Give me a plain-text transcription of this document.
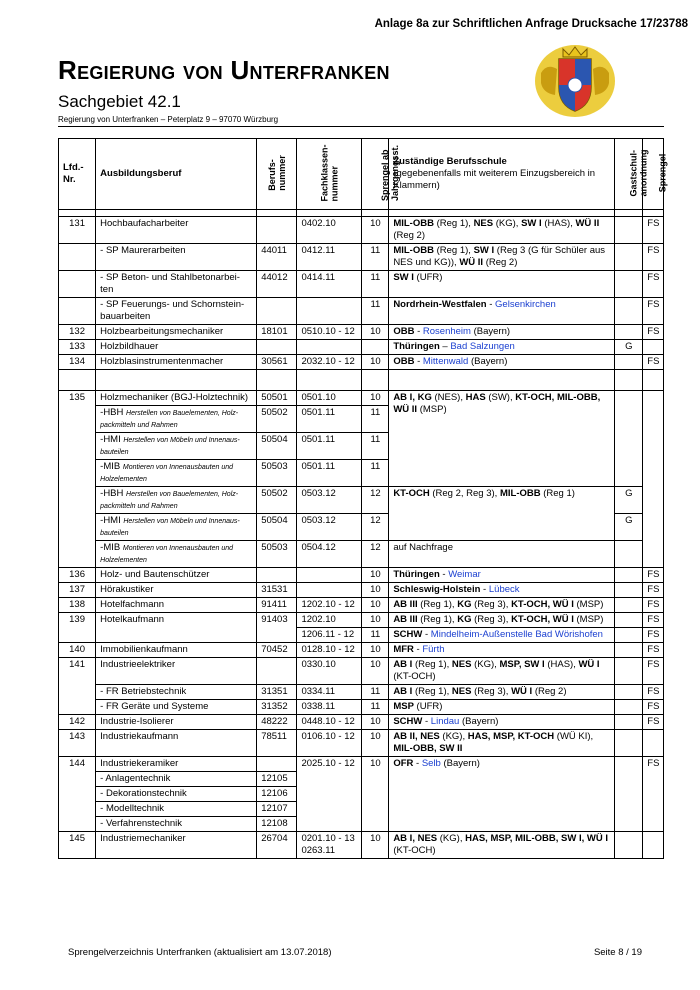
Anlage 8a zur Schriftlichen Anfrage Drucksache 17/23788
Regierung von Unterfranken
Sachgebiet 42.1
Regierung von Unterfranken – Peterplatz 9 – 97070 Würzburg
Lfd.-Nr.	Ausbildungsberuf	Berufs-
nummer	Fachklassen-
nummer	Sprengel ab
Jahrgangsst.	Zuständige Berufsschule
(gegebenenfalls mit weiterem Einzugsbereich in Klammern)	Gastschul-
anordnung	Sprengel

131	Hochbaufacharbeiter		0402.10	10	MIL-OBB (Reg 1), NES (KG), SW I (HAS), WÜ II (Reg 2)		FS
	- SP Maurerarbeiten	44011	0412.11	11	MIL-OBB (Reg 1), SW I (Reg 3 (G für Schüler aus NES und KG)), WÜ II (Reg 2)		FS
	- SP Beton- und Stahlbetonarbei-ten	44012	0414.11	11	SW I (UFR)		FS
	- SP Feuerungs- und Schornstein-bauarbeiten			11	Nordrhein-Westfalen - Gelsenkirchen		FS
132	Holzbearbeitungsmechaniker	18101	0510.10 - 12	10	OBB - Rosenheim (Bayern)		FS
133	Holzbildhauer				Thüringen – Bad Salzungen	G	
134	Holzblasinstrumentenmacher	30561	2032.10 - 12	10	OBB - Mittenwald (Bayern)		FS

135	Holzmechaniker (BGJ-Holztechnik)	50501	0501.10	10	AB I, KG (NES), HAS (SW), KT-OCH, MIL-OBB, WÜ II (MSP)		
	-HBH Herstellen von Bauelementen, Holz-packmitteln und Rahmen	50502	0501.11	11			
	-HMI Herstellen von Möbeln und Innenaus-bauteilen	50504	0501.11	11			
	-MIB Montieren von Innenausbauten und Holzelementen	50503	0501.11	11			
	-HBH Herstellen von Bauelementen, Holz-packmitteln und Rahmen	50502	0503.12	12	KT-OCH (Reg 2, Reg 3), MIL-OBB (Reg 1)	G	
	-HMI Herstellen von Möbeln und Innenaus-bauteilen	50504	0503.12	12		G	
	-MIB Montieren von Innenausbauten und Holzelementen	50503	0504.12	12	auf Nachfrage		
136	Holz- und Bautenschützer			10	Thüringen - Weimar		FS
137	Hörakustiker	31531		10	Schleswig-Holstein - Lübeck		FS
138	Hotelfachmann	91411	1202.10 - 12	10	AB III (Reg 1), KG (Reg 3), KT-OCH, WÜ I (MSP)		FS
139	Hotelkaufmann	91403	1202.10	10	AB III (Reg 1), KG (Reg 3), KT-OCH, WÜ I (MSP)		FS
			1206.11 - 12	11	SCHW - Mindelheim-Außenstelle Bad Wörishofen		FS
140	Immobilienkaufmann	70452	0128.10 - 12	10	MFR - Fürth		FS
141	Industrieelektriker		0330.10	10	AB I (Reg 1), NES (KG), MSP, SW I (HAS), WÜ I (KT-OCH)		FS
	- FR Betriebstechnik	31351	0334.11	11	AB I (Reg 1), NES (Reg 3), WÜ I (Reg 2)		FS
	- FR Geräte und Systeme	31352	0338.11	11	MSP (UFR)		FS
142	Industrie-Isolierer	48222	0448.10 - 12	10	SCHW - Lindau (Bayern)		FS
143	Industriekaufmann	78511	0106.10 - 12	10	AB II, NES (KG), HAS, MSP, KT-OCH (WÜ KI), MIL-OBB, SW II		
144	Industriekeramiker		2025.10 - 12	10	OFR - Selb (Bayern)		FS
	- Anlagentechnik	12105					
	- Dekorationstechnik	12106					
	- Modelltechnik	12107					
	- Verfahrenstechnik	12108					
145	Industriemechaniker	26704	0201.10 - 13
0263.11	10	AB I, NES (KG), HAS, MSP, MIL-OBB, SW I, WÜ I (KT-OCH)		
Sprengelverzeichnis Unterfranken (aktualisiert am 13.07.2018)	Seite 8 / 19
